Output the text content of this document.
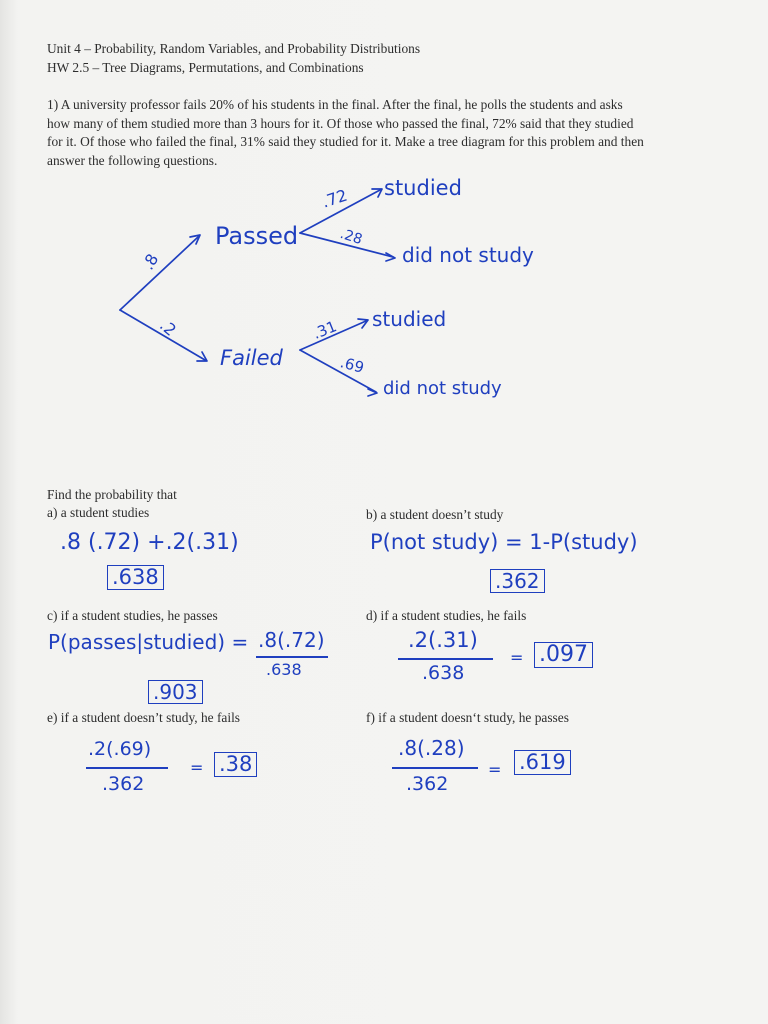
Unit 4 – Probability, Random Variables, and Probability Distributions
HW 2.5 – Tree Diagrams, Permutations, and Combinations
1) A university professor fails 20% of his students in the final. After the final, he polls the students and asks
how many of them studied more than 3 hours for it. Of those who passed the final, 72% said that they studied
for it. Of those who failed the final, 31% said they studied for it. Make a tree diagram for this problem and then
answer the following questions.
.8
.2
Passed
Failed
.72
.28
studied
did not study
.31
.69
studied
did not study
Find the probability that
a) a student studies
.8 (.72) +.2(.31)
.638
b) a student doesn’t study
P(not study) = 1-P(study)
.362
c) if a student studies, he passes
P(passes|studied) = .8(.72)
.638
.903
d) if a student studies, he fails
.2(.31)
.638
= .097
e) if a student doesn’t study, he fails
.2(.69)
.362
= .38
f) if a student doesn‘t study, he passes
.8(.28)
.362
= .619
